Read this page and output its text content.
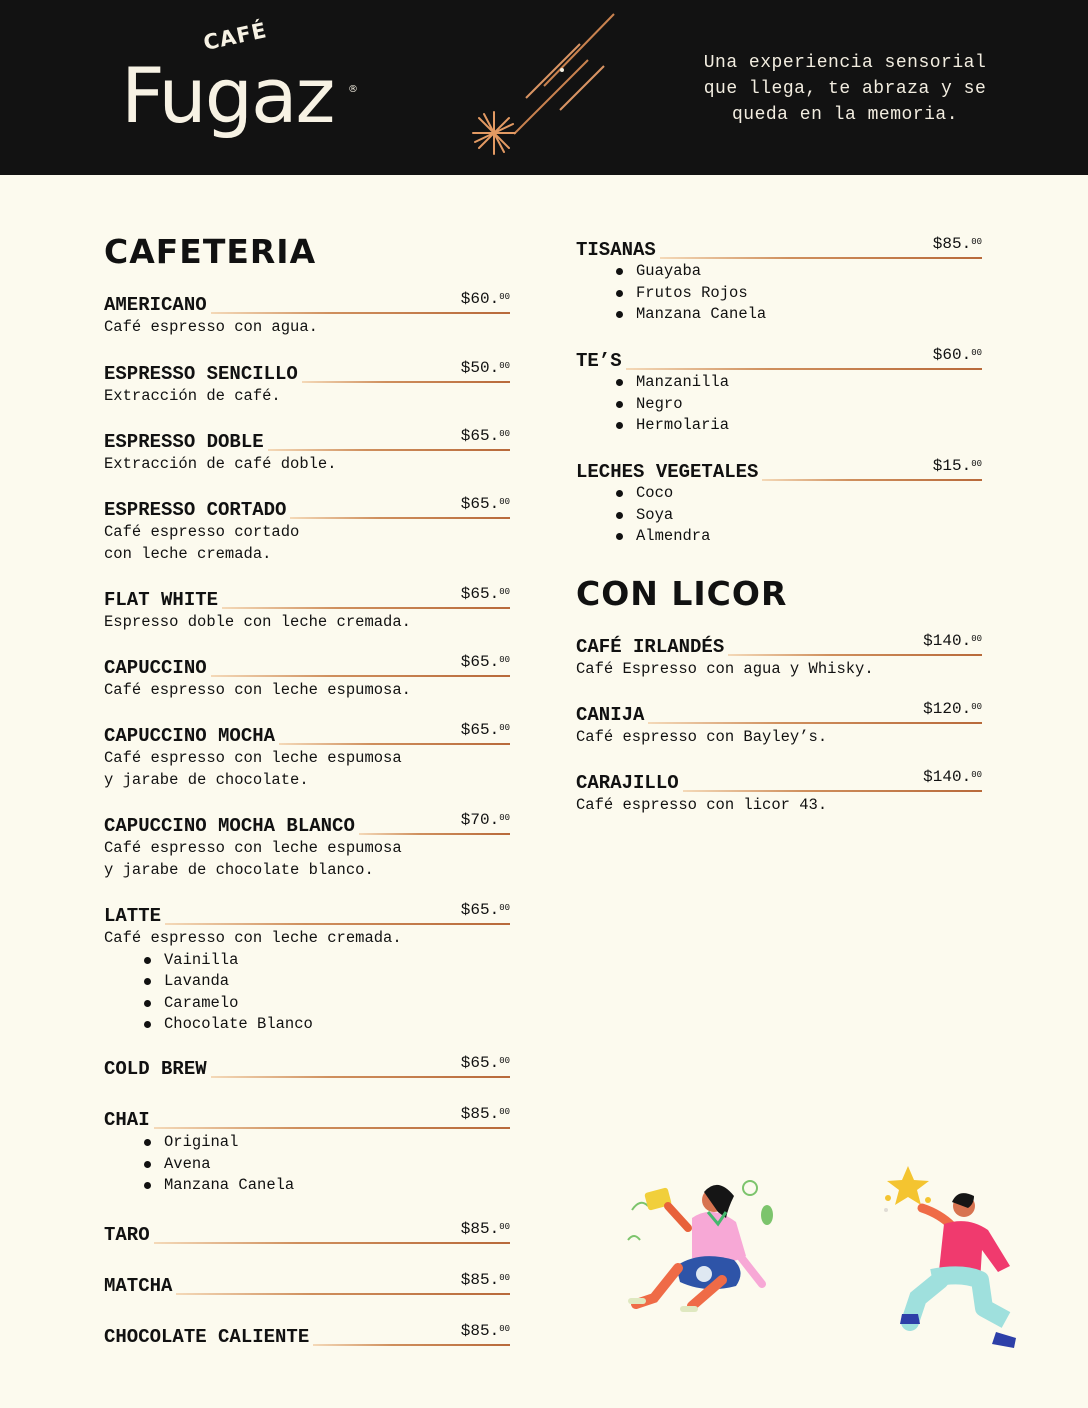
CAFÉ
Fugaz ®
Una experiencia sensorial
que llega, te abraza y se
queda en la memoria.
CAFETERIA
AMERICANO	$60.00
Café espresso con agua.
ESPRESSO SENCILLO	$50.00
Extracción de café.
ESPRESSO DOBLE	$65.00
Extracción de café doble.
ESPRESSO CORTADO	$65.00
Café espresso cortado
con leche cremada.
FLAT WHITE	$65.00
Espresso doble con leche cremada.
CAPUCCINO	$65.00
Café espresso con leche espumosa.
CAPUCCINO MOCHA	$65.00
Café espresso con leche espumosa
y jarabe de chocolate.
CAPUCCINO MOCHA BLANCO	$70.00
Café espresso con leche espumosa
y jarabe de chocolate blanco.
LATTE	$65.00
Café espresso con leche cremada.
Vainilla
Lavanda
Caramelo
Chocolate Blanco
COLD BREW	$65.00
CHAI	$85.00
Original
Avena
Manzana Canela
TARO	$85.00
MATCHA	$85.00
CHOCOLATE CALIENTE	$85.00
TISANAS	$85.00
Guayaba
Frutos Rojos
Manzana Canela
TE’S	$60.00
Manzanilla
Negro
Hermolaria
LECHES VEGETALES	$15.00
Coco
Soya
Almendra
CON LICOR
CAFÉ IRLANDÉS	$140.00
Café Espresso con agua y Whisky.
CANIJA	$120.00
Café espresso con Bayley’s.
CARAJILLO	$140.00
Café espresso con licor 43.
